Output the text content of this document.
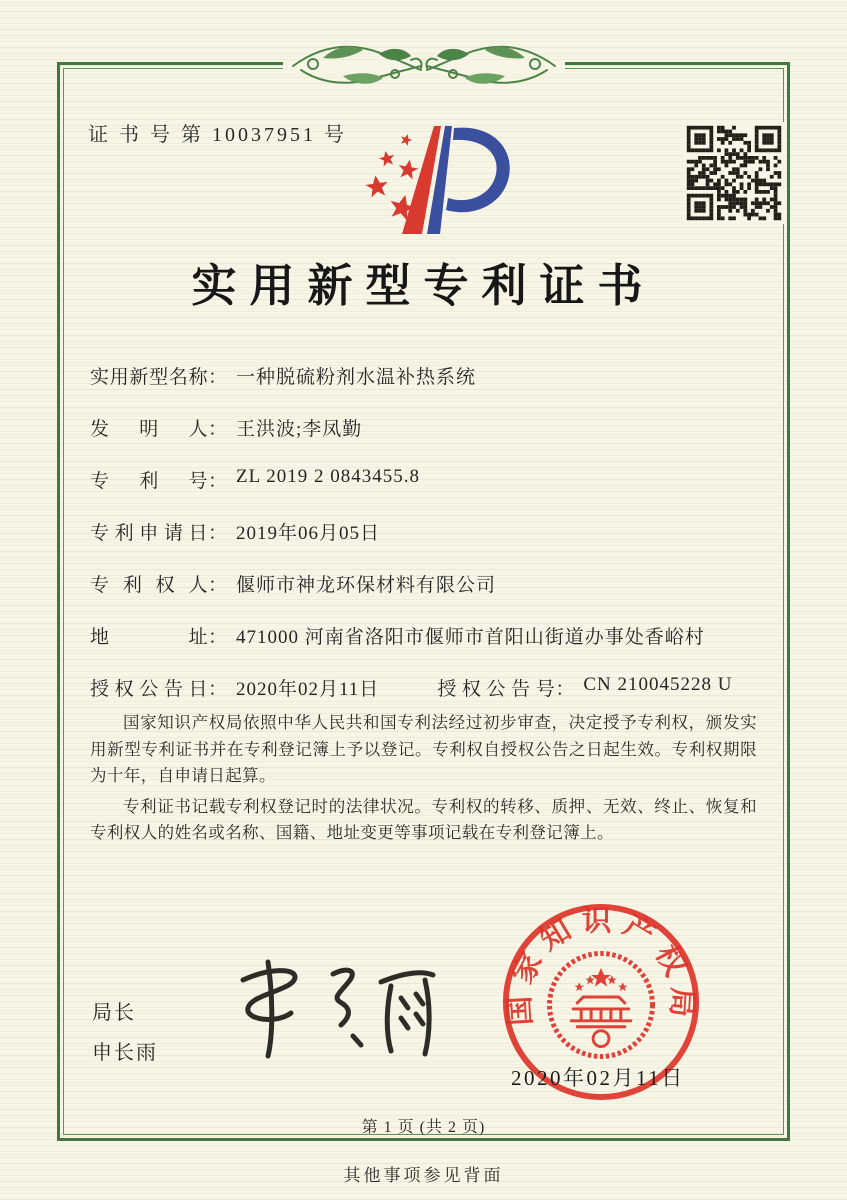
证 书 号 第 10037951 号
实用新型专利证书
实用新型名称： 一种脱硫粉剂水温补热系统
发明人： 王洪波;李凤勤
专利号： ZL 2019 2 0843455.8
专利申请日： 2019年06月05日
专利权人： 偃师市神龙环保材料有限公司
地址： 471000 河南省洛阳市偃师市首阳山街道办事处香峪村
授权公告日： 2020年02月11日	授权公告号： CN 210045228 U

国家知识产权局依照中华人民共和国专利法经过初步审查，决定授予专利权，颁发实用新型专利证书并在专利登记簿上予以登记。专利权自授权公告之日起生效。专利权期限为十年，自申请日起算。

专利证书记载专利权登记时的法律状况。专利权的转移、质押、无效、终止、恢复和专利权人的姓名或名称、国籍、地址变更等事项记载在专利登记簿上。

局长
申长雨
国家知识产权局
2020年02月11日
第 1 页 (共 2 页)
其他事项参见背面
